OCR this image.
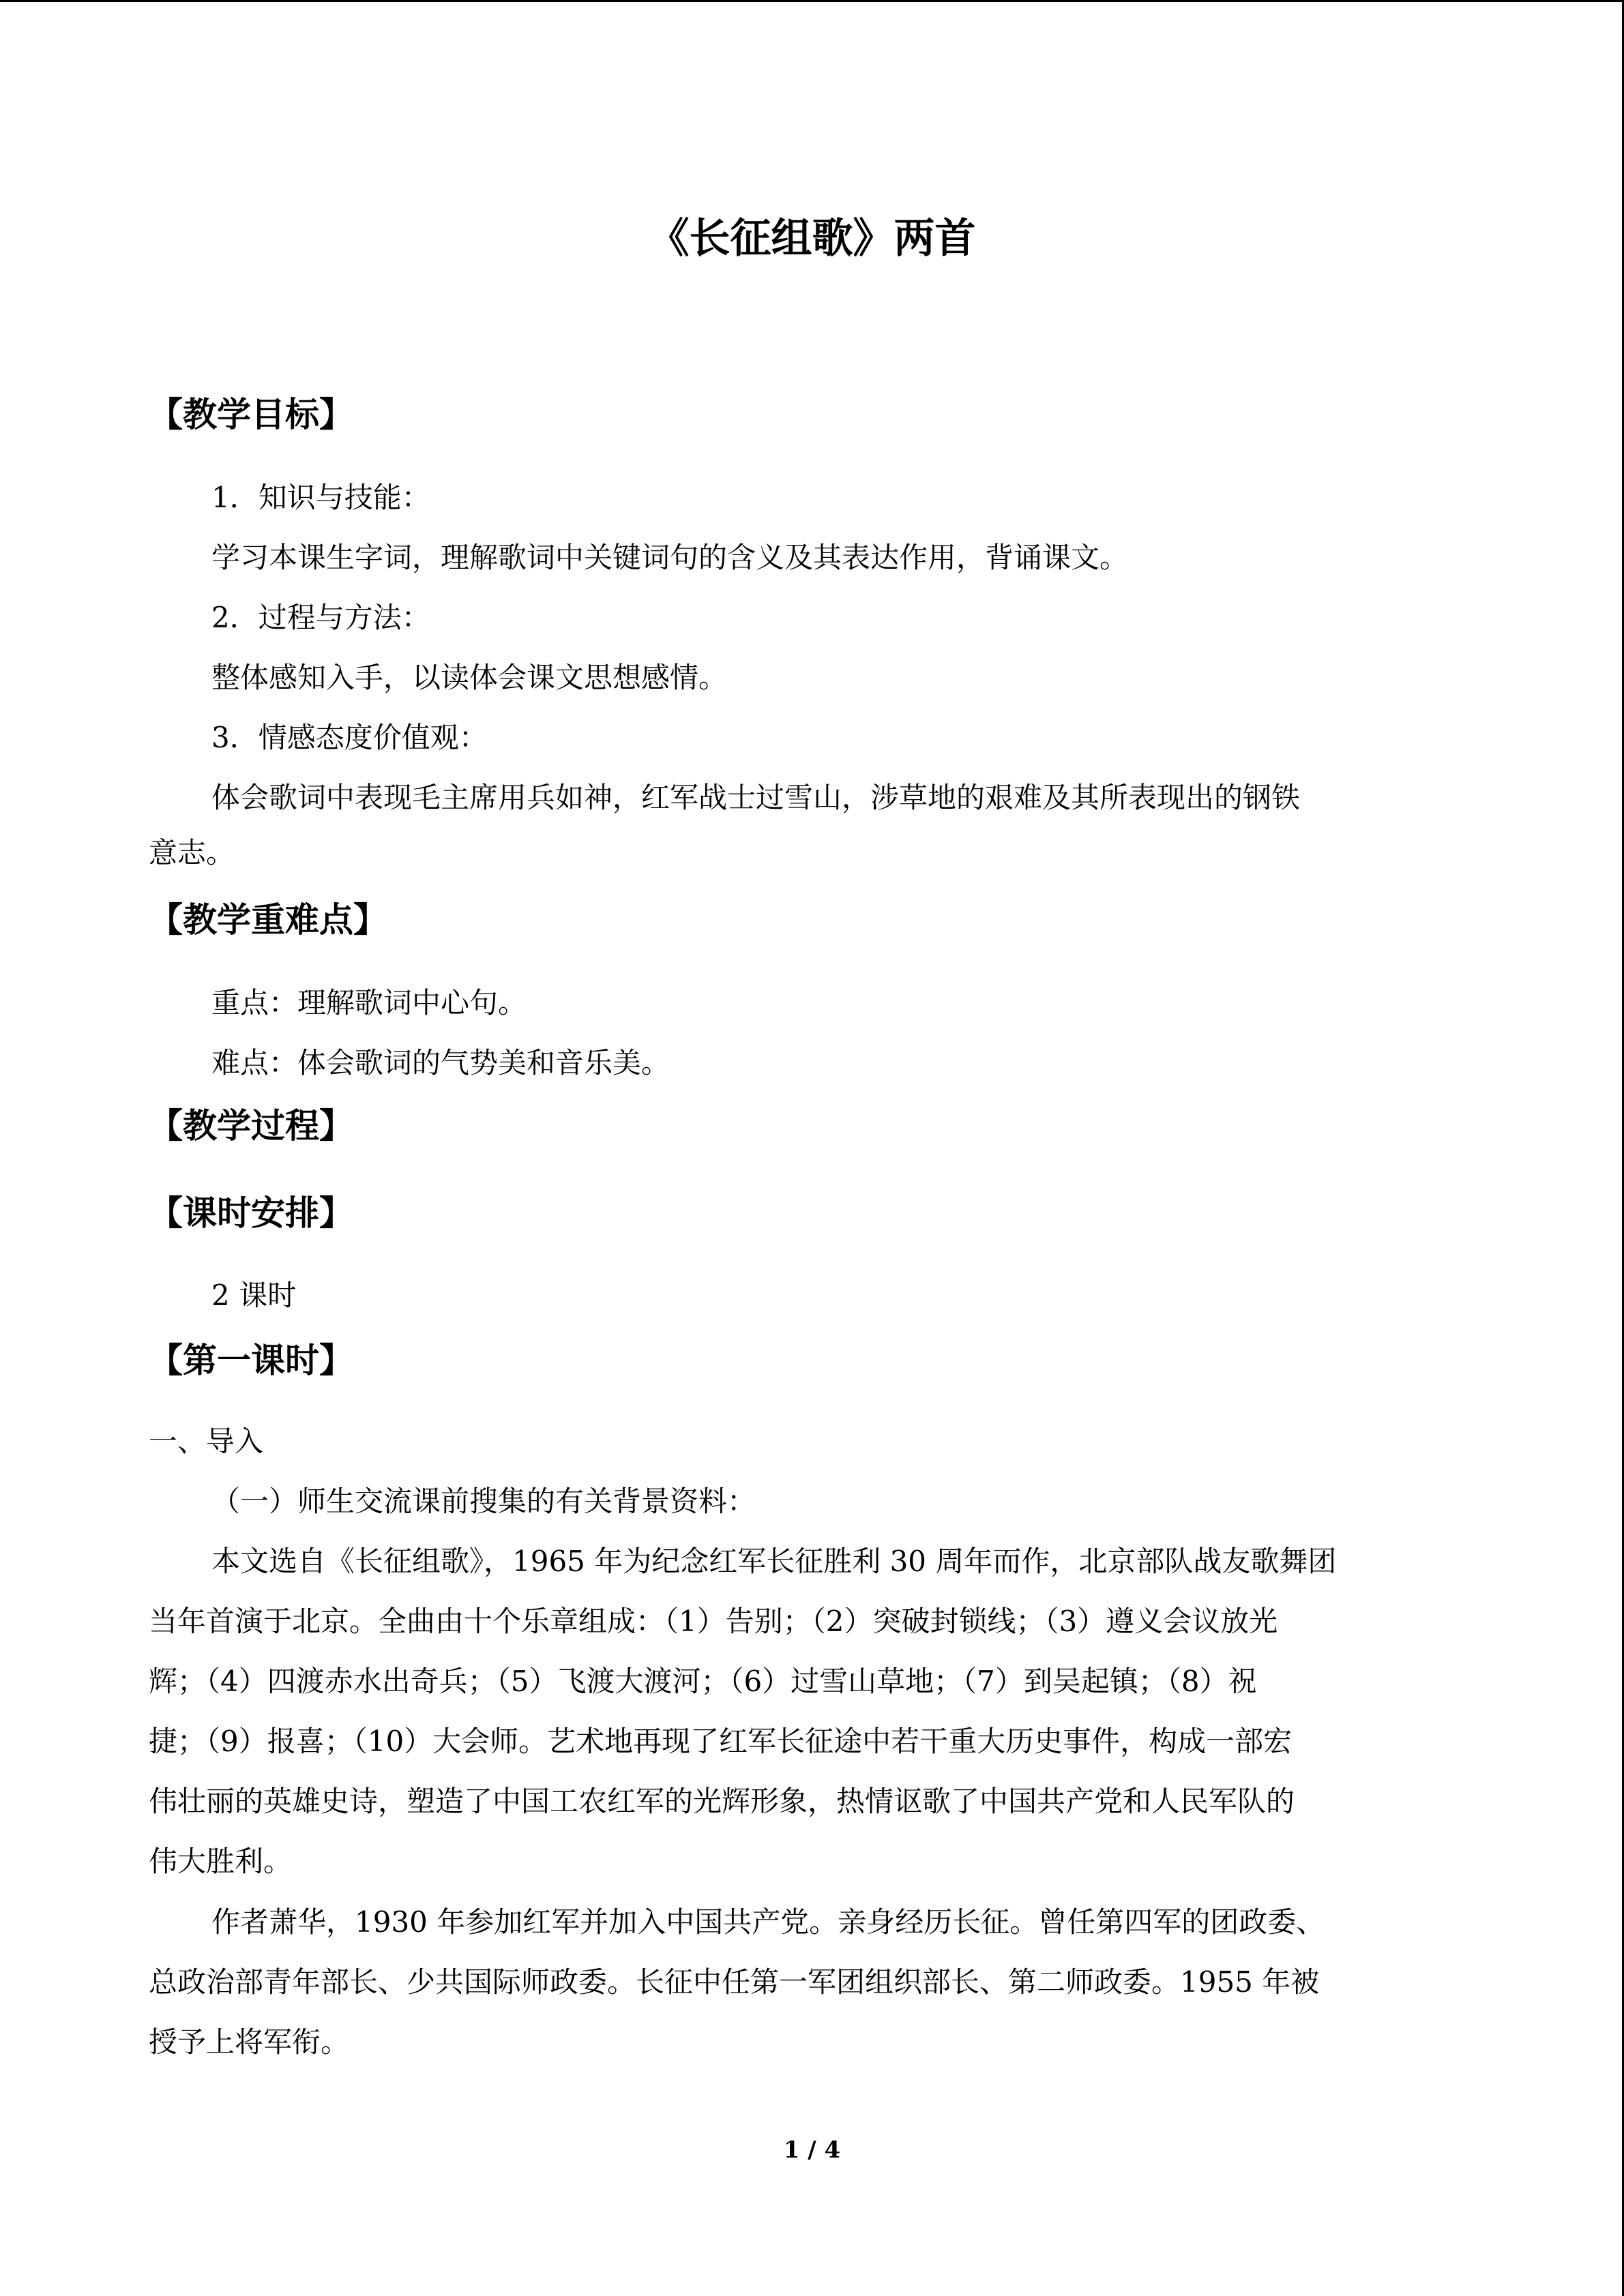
《长征组歌》两首
【教学目标】

1．知识与技能：

学习本课生字词，理解歌词中关键词句的含义及其表达作用，背诵课文。

2．过程与方法：

整体感知入手，以读体会课文思想感情。

3．情感态度价值观：

体会歌词中表现毛主席用兵如神，红军战士过雪山，涉草地的艰难及其所表现出的钢铁

意志。

【教学重难点】

重点：理解歌词中心句。

难点：体会歌词的气势美和音乐美。

【教学过程】
【课时安排】

2 课时

【第一课时】

一、导入

（一）师生交流课前搜集的有关背景资料：

本文选自《长征组歌》，1965 年为纪念红军长征胜利 30 周年而作，北京部队战友歌舞团
当年首演于北京。全曲由十个乐章组成：（1）告别；（2）突破封锁线；（3）遵义会议放光
辉；（4）四渡赤水出奇兵；（5）飞渡大渡河；（6）过雪山草地；（7）到吴起镇；（8）祝
捷；（9）报喜；（10）大会师。艺术地再现了红军长征途中若干重大历史事件，构成一部宏
伟壮丽的英雄史诗，塑造了中国工农红军的光辉形象，热情讴歌了中国共产党和人民军队的
伟大胜利。
作者萧华，1930 年参加红军并加入中国共产党。亲身经历长征。曾任第四军的团政委、
总政治部青年部长、少共国际师政委。长征中任第一军团组织部长、第二师政委。1955 年被
授予上将军衔。
1 / 4
